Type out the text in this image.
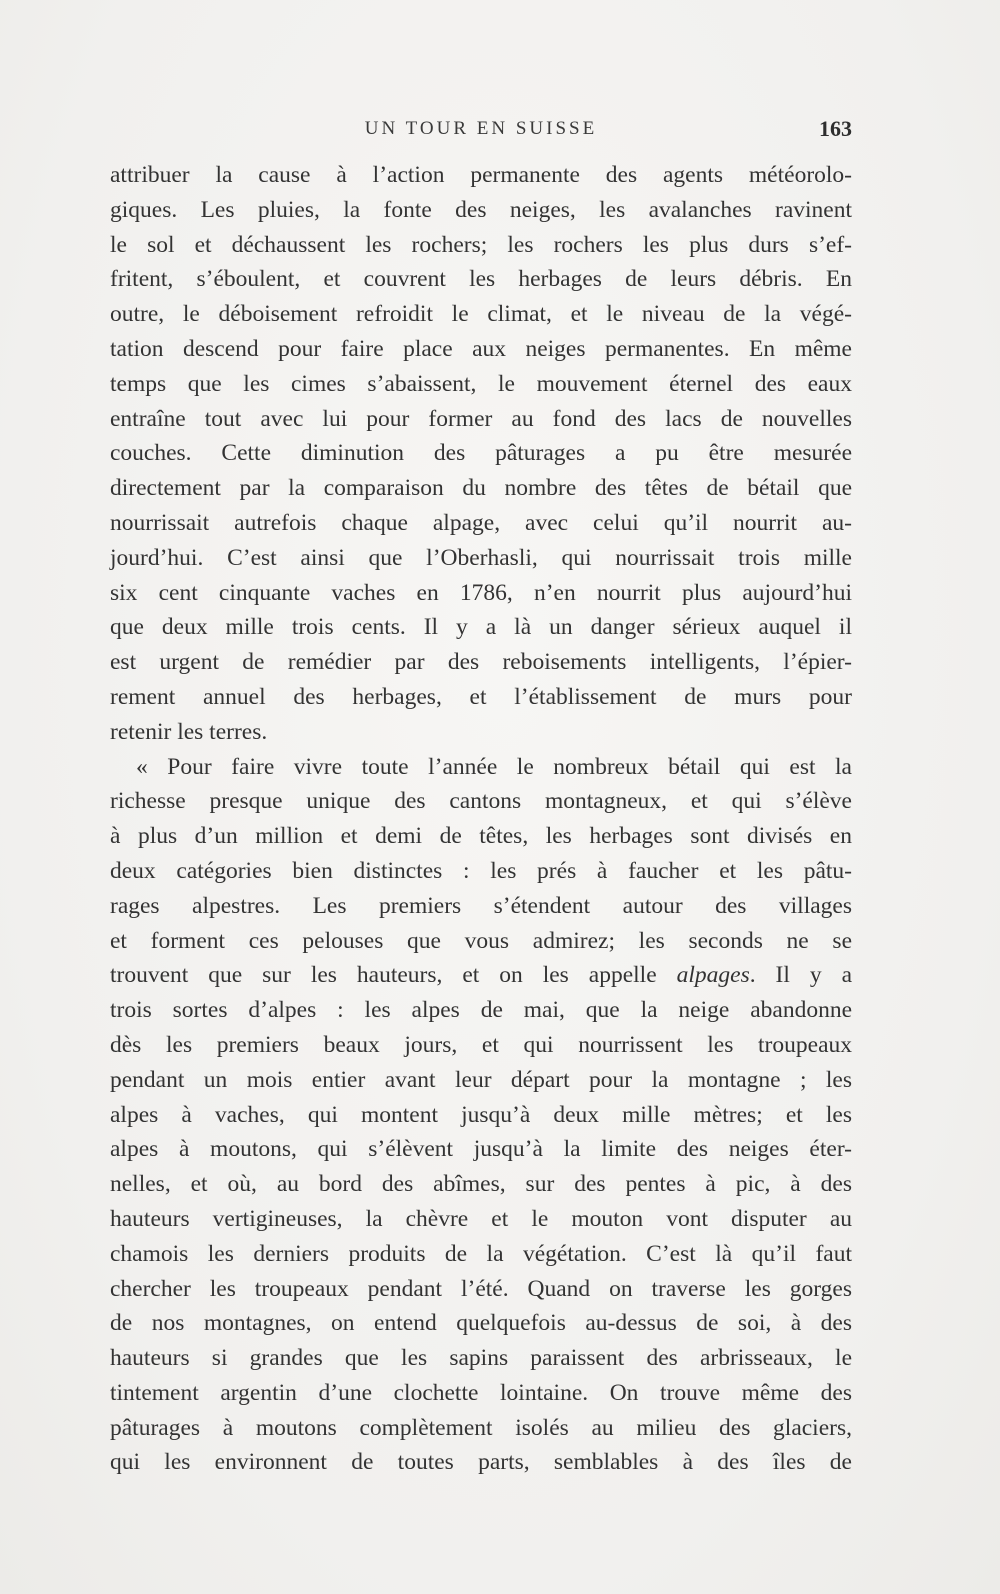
UN TOUR EN SUISSE	163
attribuer la cause à l’action permanente des agents météorolo-
giques. Les pluies, la fonte des neiges, les avalanches ravinent
le sol et déchaussent les rochers; les rochers les plus durs s’ef-
fritent, s’éboulent, et couvrent les herbages de leurs débris. En
outre, le déboisement refroidit le climat, et le niveau de la végé-
tation descend pour faire place aux neiges permanentes. En même
temps que les cimes s’abaissent, le mouvement éternel des eaux
entraîne tout avec lui pour former au fond des lacs de nouvelles
couches. Cette diminution des pâturages a pu être mesurée
directement par la comparaison du nombre des têtes de bétail que
nourrissait autrefois chaque alpage, avec celui qu’il nourrit au-
jourd’hui. C’est ainsi que l’Oberhasli, qui nourrissait trois mille
six cent cinquante vaches en 1786, n’en nourrit plus aujourd’hui
que deux mille trois cents. Il y a là un danger sérieux auquel il
est urgent de remédier par des reboisements intelligents, l’épier-
rement annuel des herbages, et l’établissement de murs pour
retenir les terres.
« Pour faire vivre toute l’année le nombreux bétail qui est la
richesse presque unique des cantons montagneux, et qui s’élève
à plus d’un million et demi de têtes, les herbages sont divisés en
deux catégories bien distinctes : les prés à faucher et les pâtu-
rages alpestres. Les premiers s’étendent autour des villages
et forment ces pelouses que vous admirez; les seconds ne se
trouvent que sur les hauteurs, et on les appelle alpages. Il y a
trois sortes d’alpes : les alpes de mai, que la neige abandonne
dès les premiers beaux jours, et qui nourrissent les troupeaux
pendant un mois entier avant leur départ pour la montagne ; les
alpes à vaches, qui montent jusqu’à deux mille mètres; et les
alpes à moutons, qui s’élèvent jusqu’à la limite des neiges éter-
nelles, et où, au bord des abîmes, sur des pentes à pic, à des
hauteurs vertigineuses, la chèvre et le mouton vont disputer au
chamois les derniers produits de la végétation. C’est là qu’il faut
chercher les troupeaux pendant l’été. Quand on traverse les gorges
de nos montagnes, on entend quelquefois au-dessus de soi, à des
hauteurs si grandes que les sapins paraissent des arbrisseaux, le
tintement argentin d’une clochette lointaine. On trouve même des
pâturages à moutons complètement isolés au milieu des glaciers,
qui les environnent de toutes parts, semblables à des îles de
